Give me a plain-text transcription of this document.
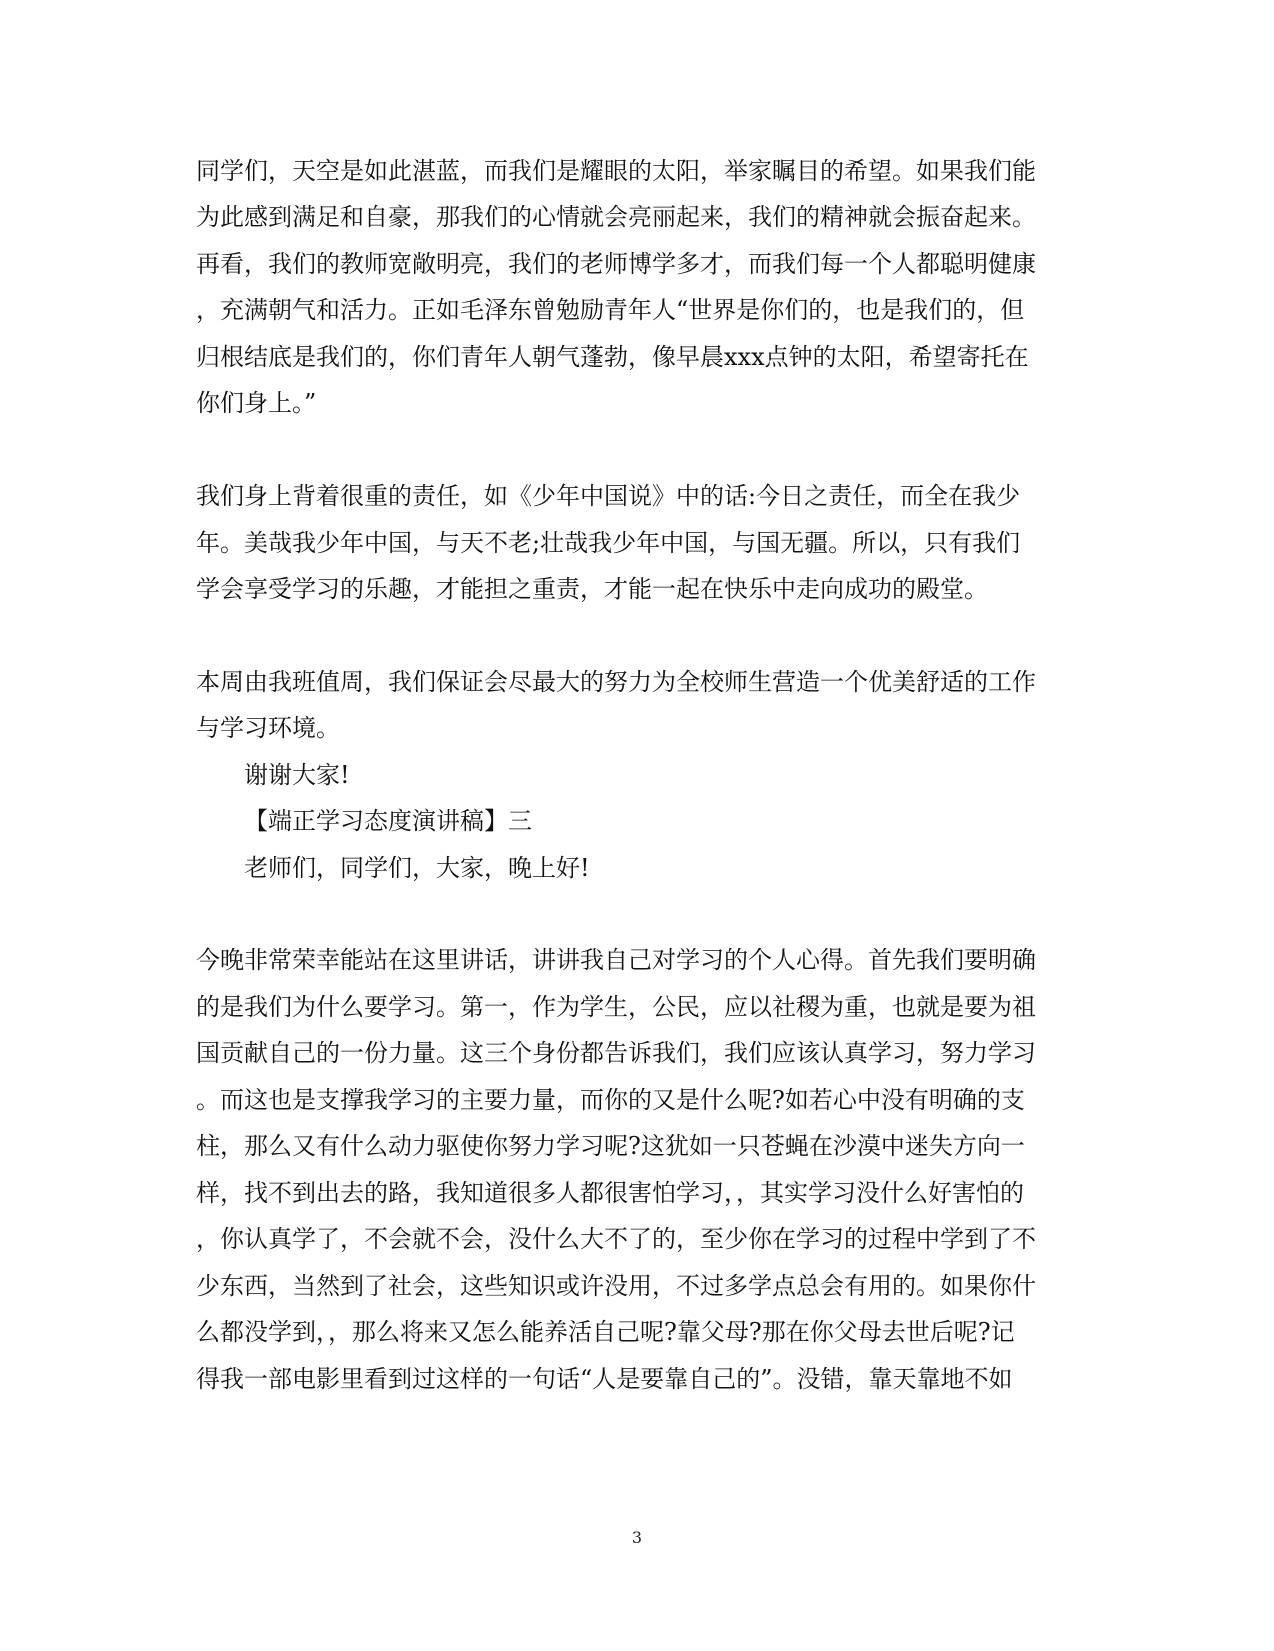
同学们，天空是如此湛蓝，而我们是耀眼的太阳，举家瞩目的希望。如果我们能
为此感到满足和自豪，那我们的心情就会亮丽起来，我们的精神就会振奋起来。
再看，我们的教师宽敞明亮，我们的老师博学多才，而我们每一个人都聪明健康
，充满朝气和活力。正如毛泽东曾勉励青年人“世界是你们的，也是我们的，但
归根结底是我们的，你们青年人朝气蓬勃，像早晨xxx点钟的太阳，希望寄托在
你们身上。”
我们身上背着很重的责任，如《少年中国说》中的话:今日之责任，而全在我少
年。美哉我少年中国，与天不老;壮哉我少年中国，与国无疆。所以，只有我们
学会享受学习的乐趣，才能担之重责，才能一起在快乐中走向成功的殿堂。
本周由我班值周，我们保证会尽最大的努力为全校师生营造一个优美舒适的工作
与学习环境。
谢谢大家!
【端正学习态度演讲稿】三
老师们，同学们，大家，晚上好!
今晚非常荣幸能站在这里讲话，讲讲我自己对学习的个人心得。首先我们要明确
的是我们为什么要学习。第一，作为学生，公民，应以社稷为重，也就是要为祖
国贡献自己的一份力量。这三个身份都告诉我们，我们应该认真学习，努力学习
。而这也是支撑我学习的主要力量，而你的又是什么呢?如若心中没有明确的支
柱，那么又有什么动力驱使你努力学习呢?这犹如一只苍蝇在沙漠中迷失方向一
样，找不到出去的路，我知道很多人都很害怕学习，，其实学习没什么好害怕的
，你认真学了，不会就不会，没什么大不了的，至少你在学习的过程中学到了不
少东西，当然到了社会，这些知识或许没用，不过多学点总会有用的。如果你什
么都没学到，，那么将来又怎么能养活自己呢?靠父母?那在你父母去世后呢?记
得我一部电影里看到过这样的一句话“人是要靠自己的”。没错，靠天靠地不如
3
